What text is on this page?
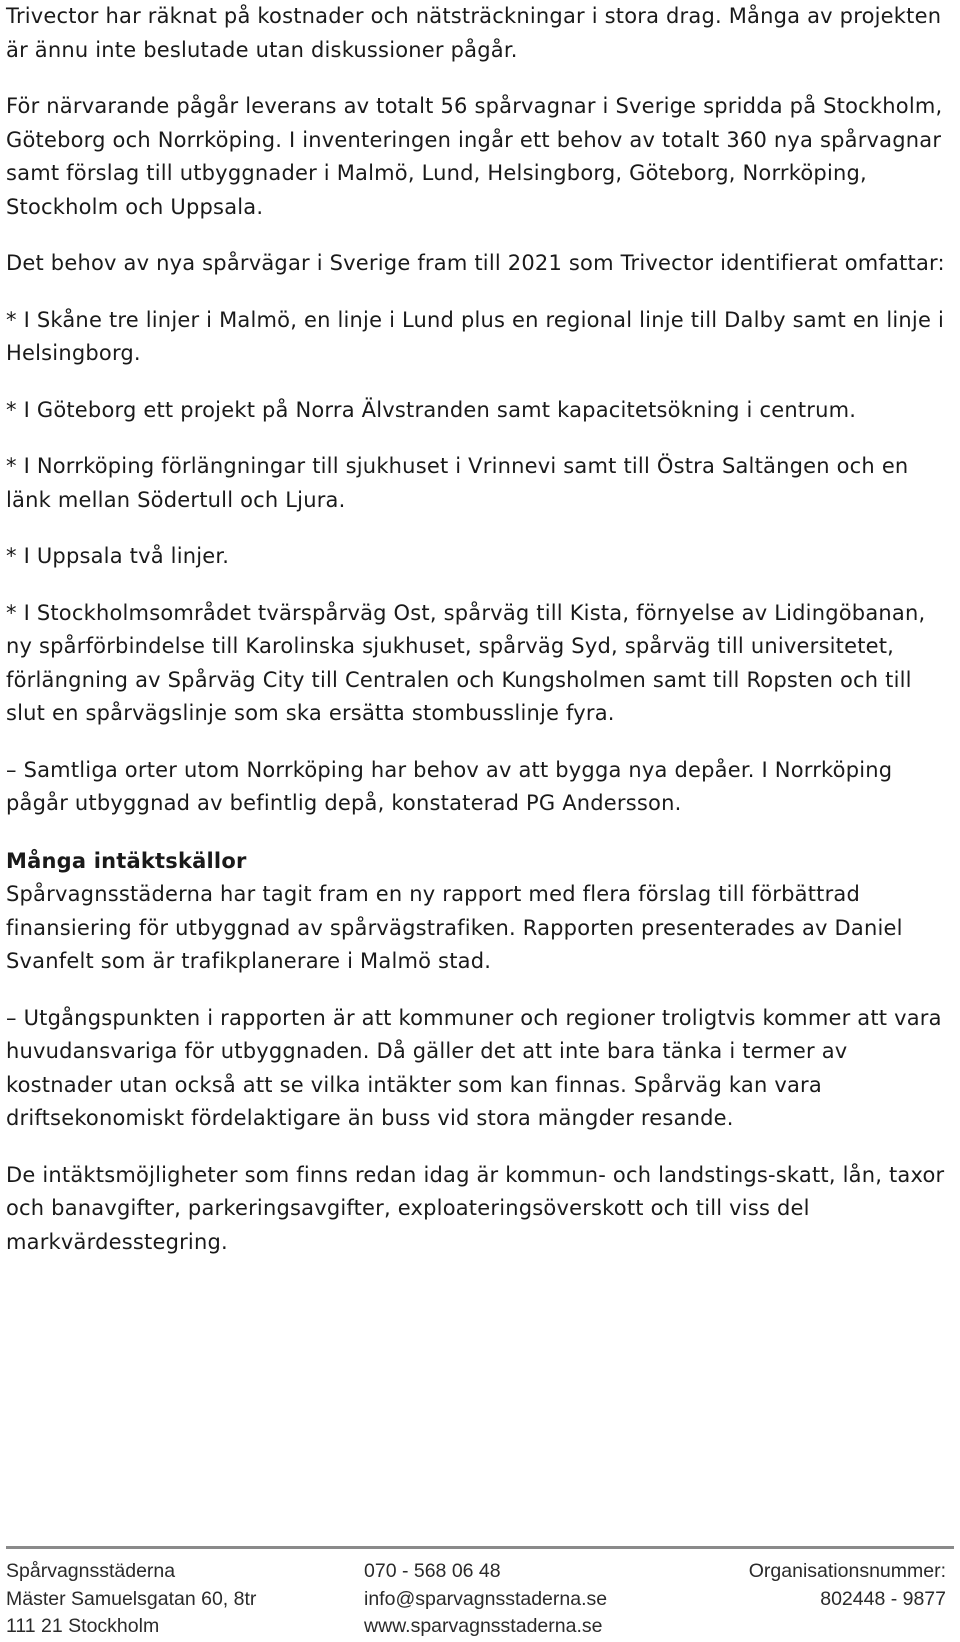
Trivector har räknat på kostnader och nätsträckningar i stora drag. Många av projekten är ännu inte beslutade utan diskussioner pågår.

För närvarande pågår leverans av totalt 56 spårvagnar i Sverige spridda på Stockholm, Göteborg och Norrköping. I inventeringen ingår ett behov av totalt 360 nya spårvagnar samt förslag till utbyggnader i Malmö, Lund, Helsingborg, Göteborg, Norrköping, Stockholm och Uppsala.

Det behov av nya spårvägar i Sverige fram till 2021 som Trivector identifierat omfattar:

* I Skåne tre linjer i Malmö, en linje i Lund plus en regional linje till Dalby samt en linje i Helsingborg.

* I Göteborg ett projekt på Norra Älvstranden samt kapacitetsökning i centrum.

* I Norrköping förlängningar till sjukhuset i Vrinnevi samt till Östra Saltängen och en länk mellan Södertull och Ljura.

* I Uppsala två linjer.

* I Stockholmsområdet tvärspårväg Ost, spårväg till Kista, förnyelse av Lidingöbanan, ny spårförbindelse till Karolinska sjukhuset, spårväg Syd, spårväg till universitetet, förlängning av Spårväg City till Centralen och Kungsholmen samt till Ropsten och till slut en spårvägslinje som ska ersätta stombusslinje fyra.

– Samtliga orter utom Norrköping har behov av att bygga nya depåer. I Norrköping pågår utbyggnad av befintlig depå, konstaterad PG Andersson.

Många intäktskällor

Spårvagnsstäderna har tagit fram en ny rapport med flera förslag till förbättrad finansiering för utbyggnad av spårvägstrafiken. Rapporten presenterades av Daniel Svanfelt som är trafikplanerare i Malmö stad.

– Utgångspunkten i rapporten är att kommuner och regioner troligtvis kommer att vara huvudansvariga för utbyggnaden. Då gäller det att inte bara tänka i termer av kostnader utan också att se vilka intäkter som kan finnas. Spårväg kan vara driftsekonomiskt fördelaktigare än buss vid stora mängder resande.

De intäktsmöjligheter som finns redan idag är kommun- och landstings-skatt, lån, taxor och banavgifter, parkeringsavgifter, exploateringsöverskott och till viss del markvärdesstegring.

Spårvagnsstäderna
Mäster Samuelsgatan 60, 8tr
111 21 Stockholm
070 - 568 06 48
info@sparvagnsstaderna.se
www.sparvagnsstaderna.se
Organisationsnummer:
802448 - 9877
